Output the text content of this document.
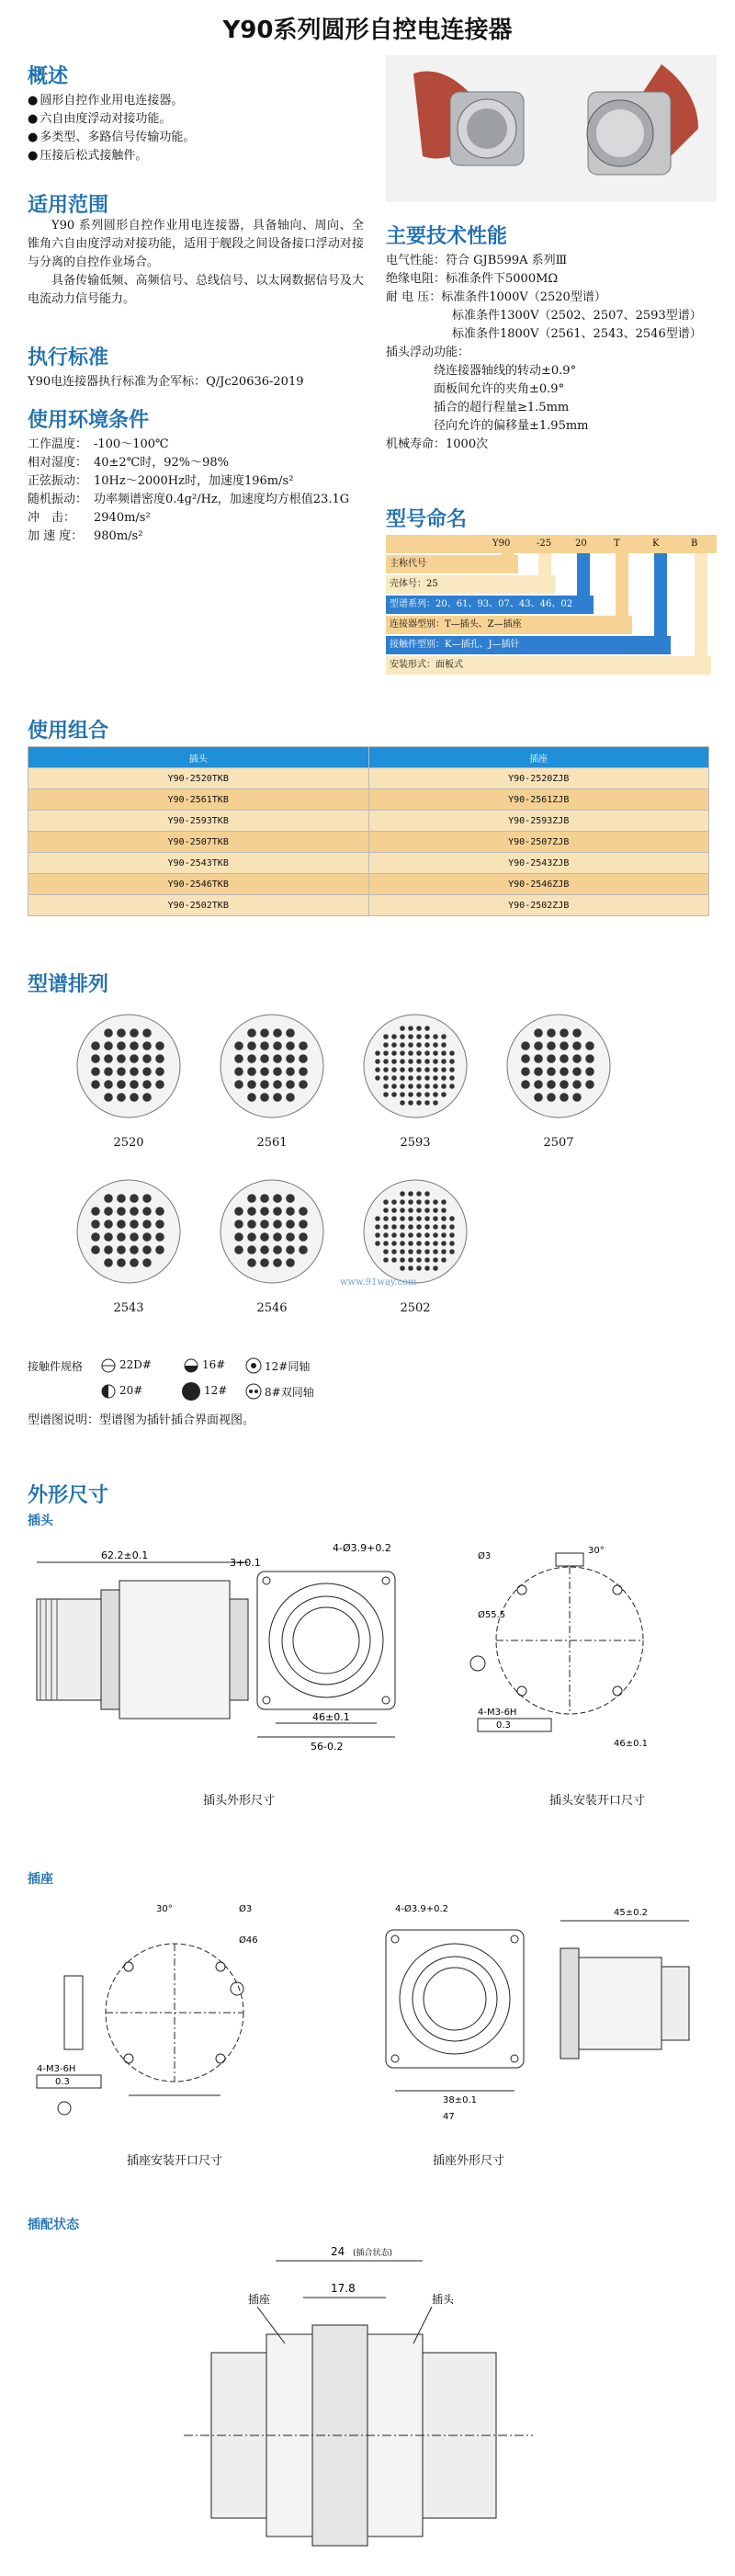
Y90系列圆形自控电连接器
概述
● 圆形自控作业用电连接器。
● 六自由度浮动对接功能。
● 多类型、多路信号传输功能。
● 压接后松式接触件。
适用范围

Y90 系列圆形自控作业用电连接器，具备轴向、周向、全锥角六自由度浮动对接功能，适用于舰段之间设备接口浮动对接与分离的自控作业场合。

具备传输低频、高频信号、总线信号、以太网数据信号及大电流动力信号能力。

执行标准
Y90电连接器执行标准为企军标：Q/Jc20636-2019
使用环境条件
工作温度： -100～100℃
相对湿度： 40±2℃时，92%～98%
正弦振动： 10Hz～2000Hz时，加速度196m/s²
随机振动： 功率频谱密度0.4g²/Hz，加速度均方根值23.1G
冲　击：	2940m/s²
加 速 度： 980m/s²
主要技术性能

电气性能：符合 GJB599A 系列Ⅲ

绝缘电阻：标准条件下5000MΩ

耐 电 压：标准条件1000V（2520型谱）

标准条件1300V（2502、2507、2593型谱）

标准条件1800V（2561、2543、2546型谱）

插头浮动功能：

绕连接器轴线的转动±0.9°

面板间允许的夹角±0.9°

插合的超行程量≥1.5mm

径向允许的偏移量±1.95mm

机械寿命：1000次

型号命名
Y90	-25	20	T	K	B
主称代号
壳体号：25
型谱系列：20、61、93、07、43、46、02
连接器型别：T—插头、Z—插座
接触件型别：K—插孔、J—插针
安装形式：面板式
使用组合
插头	插座
Y90-2520TKB	Y90-2520ZJB
Y90-2561TKB	Y90-2561ZJB
Y90-2593TKB	Y90-2593ZJB
Y90-2507TKB	Y90-2507ZJB
Y90-2543TKB	Y90-2543ZJB
Y90-2546TKB	Y90-2546ZJB
Y90-2502TKB	Y90-2502ZJB
型谱排列
2520	2561	2593	2507
2543	2546	2502
www.91way.com
接触件规格	22D#	16#	12#同轴
20#	12#	8#双同轴
型谱图说明：型谱图为插针插合界面视图。
外形尺寸
插头
62.2±0.1
46±0.1
56-0.2
4-Ø3.9+0.2
3+0.1
Ø3
30°
Ø55.5
4-M3-6H
0.3
46±0.1
插头外形尺寸	插头安装开口尺寸
插座
30°	Ø3
Ø46
4-M3-6H
0.3
4-Ø3.9+0.2
38±0.1
47
45±0.2
插座安装开口尺寸	插座外形尺寸
插配状态
24 (插合状态)
17.8
插座	插头
